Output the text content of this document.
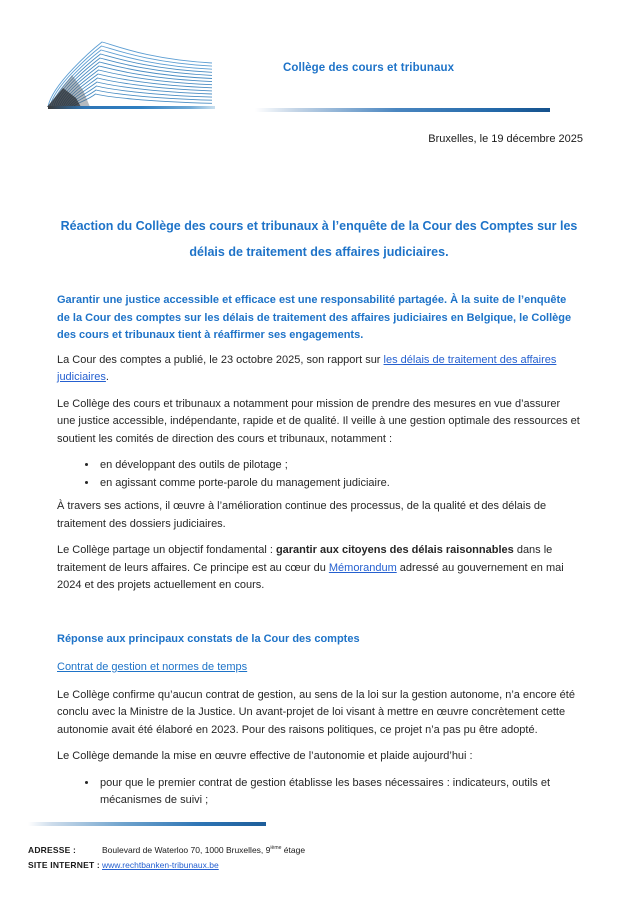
Collège des cours et tribunaux
Bruxelles, le 19 décembre 2025
Réaction du Collège des cours et tribunaux à l’enquête de la Cour des Comptes sur les délais de traitement des affaires judiciaires.

Garantir une justice accessible et efficace est une responsabilité partagée. À la suite de l’enquête de la Cour des comptes sur les délais de traitement des affaires judiciaires en Belgique, le Collège des cours et tribunaux tient à réaffirmer ses engagements.

La Cour des comptes a publié, le 23 octobre 2025, son rapport sur les délais de traitement des affaires judiciaires.

Le Collège des cours et tribunaux a notamment pour mission de prendre des mesures en vue d’assurer une justice accessible, indépendante, rapide et de qualité. Il veille à une gestion optimale des ressources et soutient les comités de direction des cours et tribunaux, notamment :

• en développant des outils de pilotage ;
• en agissant comme porte-parole du management judiciaire.

À travers ses actions, il œuvre à l’amélioration continue des processus, de la qualité et des délais de traitement des dossiers judiciaires.

Le Collège partage un objectif fondamental : garantir aux citoyens des délais raisonnables dans le traitement de leurs affaires. Ce principe est au cœur du Mémorandum adressé au gouvernement en mai 2024 et des projets actuellement en cours.

Réponse aux principaux constats de la Cour des comptes

Contrat de gestion et normes de temps

Le Collège confirme qu’aucun contrat de gestion, au sens de la loi sur la gestion autonome, n’a encore été conclu avec la Ministre de la Justice. Un avant-projet de loi visant à mettre en œuvre concrètement cette autonomie avait été élaboré en 2023. Pour des raisons politiques, ce projet n’a pas pu être adopté.

Le Collège demande la mise en œuvre effective de l’autonomie et plaide aujourd’hui :

• pour que le premier contrat de gestion établisse les bases nécessaires : indicateurs, outils et mécanismes de suivi ;
ADRESSE :	Boulevard de Waterloo 70, 1000 Bruxelles, 9ième étage
SITE INTERNET : www.rechtbanken-tribunaux.be
